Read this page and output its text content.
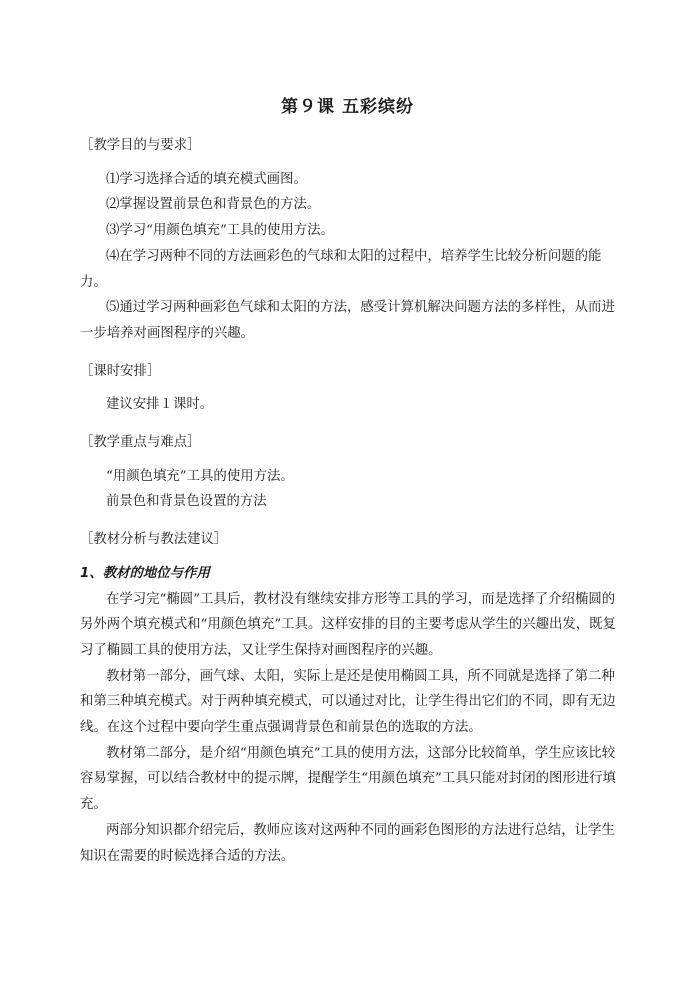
第９课 五彩缤纷

［教学目的与要求］

⑴学习选择合适的填充模式画图。

⑵掌握设置前景色和背景色的方法。

⑶学习“用颜色填充”工具的使用方法。

⑷在学习两种不同的方法画彩色的气球和太阳的过程中，培养学生比较分析问题的能力。

⑸通过学习两种画彩色气球和太阳的方法，感受计算机解决问题方法的多样性，从而进一步培养对画图程序的兴趣。

［课时安排］

建议安排１课时。

［教学重点与难点］

“用颜色填充”工具的使用方法。

前景色和背景色设置的方法

［教材分析与教法建议］

1、教材的地位与作用

在学习完“椭圆”工具后，教材没有继续安排方形等工具的学习，而是选择了介绍椭圆的另外两个填充模式和“用颜色填充”工具。这样安排的目的主要考虑从学生的兴趣出发，既复习了椭圆工具的使用方法，又让学生保持对画图程序的兴趣。

教材第一部分，画气球、太阳，实际上是还是使用椭圆工具，所不同就是选择了第二种和第三种填充模式。对于两种填充模式，可以通过对比，让学生得出它们的不同，即有无边线。在这个过程中要向学生重点强调背景色和前景色的选取的方法。

教材第二部分，是介绍“用颜色填充”工具的使用方法，这部分比较简单，学生应该比较容易掌握，可以结合教材中的提示牌，提醒学生“用颜色填充”工具只能对封闭的图形进行填充。

两部分知识都介绍完后，教师应该对这两种不同的画彩色图形的方法进行总结，让学生知识在需要的时候选择合适的方法。
